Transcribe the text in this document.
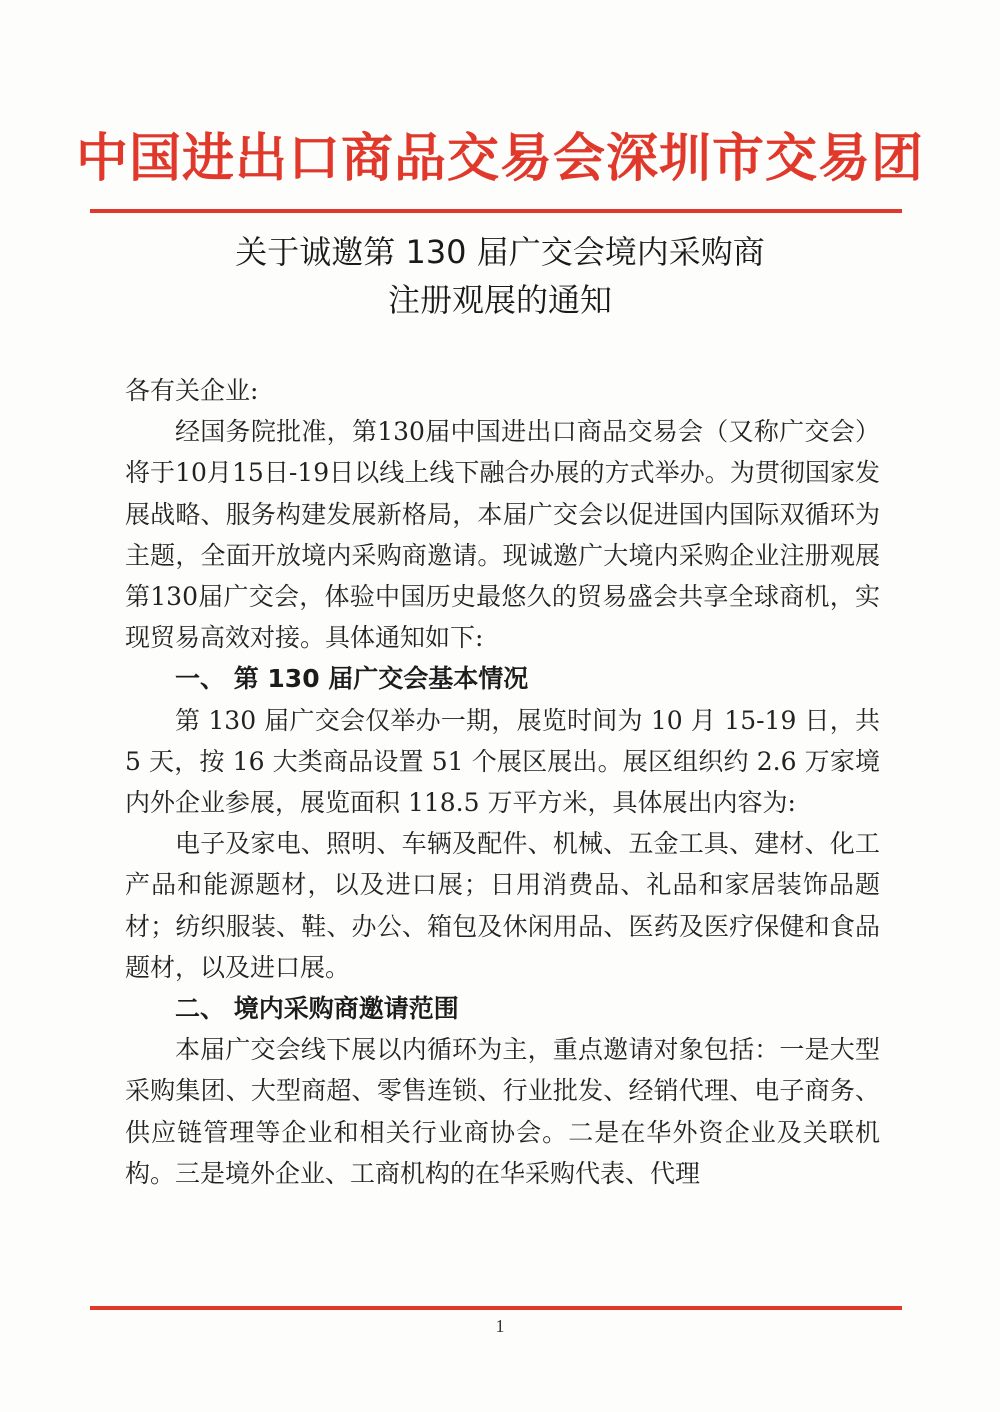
中国进出口商品交易会深圳市交易团
关于诚邀第 130 届广交会境内采购商
注册观展的通知

各有关企业:

经国务院批准，第130届中国进出口商品交易会（又称广交会）将于10月15日-19日以线上线下融合办展的方式举办。为贯彻国家发展战略、服务构建发展新格局，本届广交会以促进国内国际双循环为主题，全面开放境内采购商邀请。现诚邀广大境内采购企业注册观展第130届广交会，体验中国历史最悠久的贸易盛会共享全球商机，实现贸易高效对接。具体通知如下:

一、 第 130 届广交会基本情况

第 130 届广交会仅举办一期，展览时间为 10 月 15-19 日，共 5 天，按 16 大类商品设置 51 个展区展出。展区组织约 2.6 万家境内外企业参展，展览面积 118.5 万平方米，具体展出内容为:

电子及家电、照明、车辆及配件、机械、五金工具、建材、化工产品和能源题材，以及进口展；日用消费品、礼品和家居装饰品题材；纺织服装、鞋、办公、箱包及休闲用品、医药及医疗保健和食品题材，以及进口展。

二、 境内采购商邀请范围

本届广交会线下展以内循环为主，重点邀请对象包括：一是大型采购集团、大型商超、零售连锁、行业批发、经销代理、电子商务、供应链管理等企业和相关行业商协会。二是在华外资企业及关联机构。三是境外企业、工商机构的在华采购代表、代理

1
